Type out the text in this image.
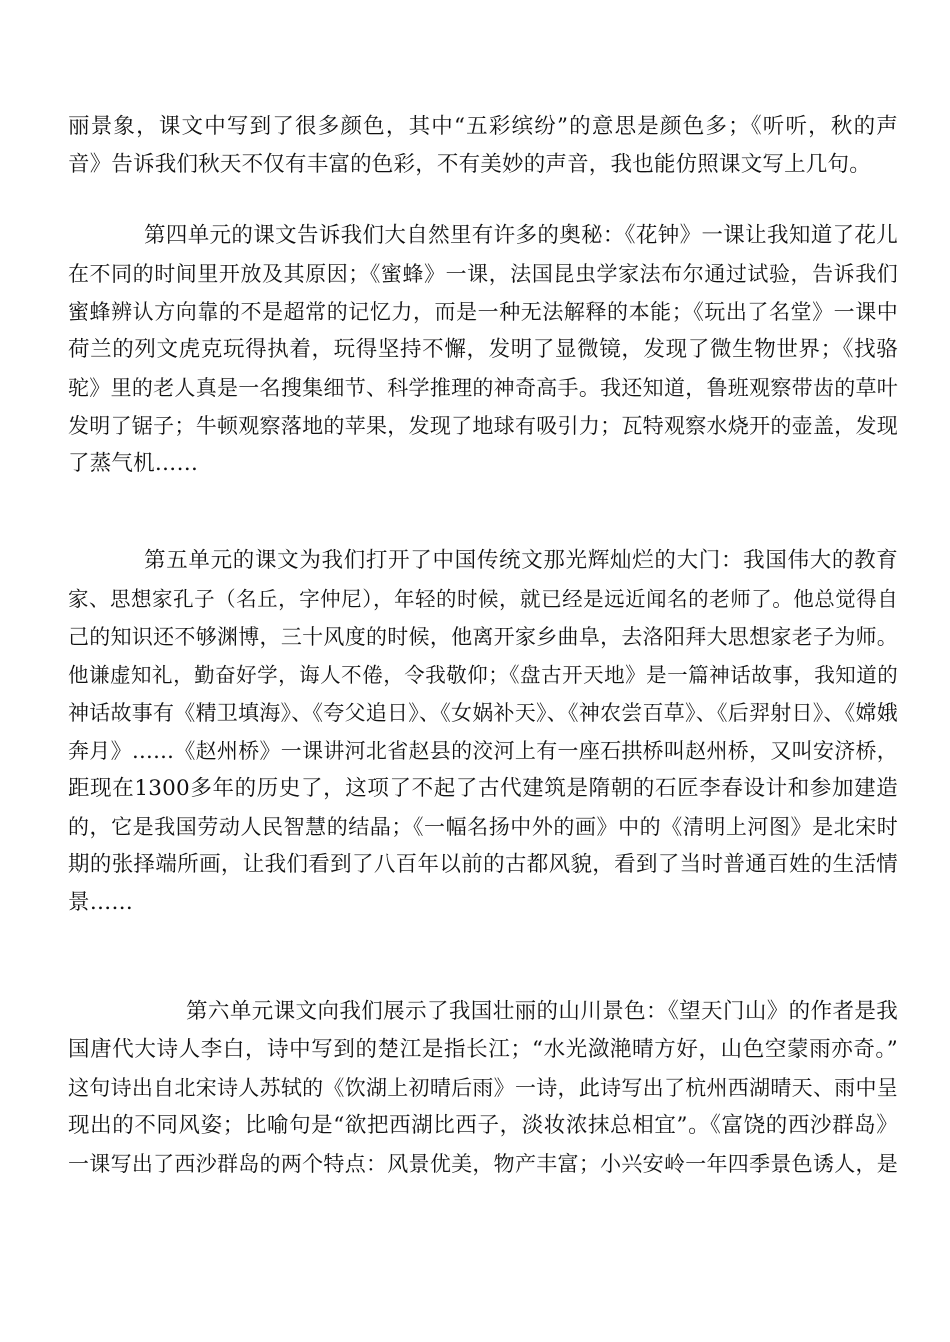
丽景象，课文中写到了很多颜色，其中“五彩缤纷”的意思是颜色多；《听听，秋的声
音》告诉我们秋天不仅有丰富的色彩，不有美妙的声音，我也能仿照课文写上几句。
第四单元的课文告诉我们大自然里有许多的奥秘：《花钟》一课让我知道了花儿
在不同的时间里开放及其原因；《蜜蜂》一课，法国昆虫学家法布尔通过试验，告诉我们
蜜蜂辨认方向靠的不是超常的记忆力，而是一种无法解释的本能；《玩出了名堂》一课中
荷兰的列文虎克玩得执着，玩得坚持不懈，发明了显微镜，发现了微生物世界；《找骆
驼》里的老人真是一名搜集细节、科学推理的神奇高手。我还知道，鲁班观察带齿的草叶
发明了锯子；牛顿观察落地的苹果，发现了地球有吸引力；瓦特观察水烧开的壶盖，发现
了蒸气机……
第五单元的课文为我们打开了中国传统文那光辉灿烂的大门：我国伟大的教育
家、思想家孔子（名丘，字仲尼），年轻的时候，就已经是远近闻名的老师了。他总觉得自
己的知识还不够渊博，三十风度的时候，他离开家乡曲阜，去洛阳拜大思想家老子为师。
他谦虚知礼，勤奋好学，诲人不倦，令我敬仰；《盘古开天地》是一篇神话故事，我知道的
神话故事有《精卫填海》、《夸父追日》、《女娲补天》、《神农尝百草》、《后羿射日》、《嫦娥
奔月》……《赵州桥》一课讲河北省赵县的洨河上有一座石拱桥叫赵州桥，又叫安济桥，
距现在1300多年的历史了，这项了不起了古代建筑是隋朝的石匠李春设计和参加建造
的，它是我国劳动人民智慧的结晶；《一幅名扬中外的画》中的《清明上河图》是北宋时
期的张择端所画，让我们看到了八百年以前的古都风貌，看到了当时普通百姓的生活情
景……
第六单元课文向我们展示了我国壮丽的山川景色：《望天门山》的作者是我
国唐代大诗人李白，诗中写到的楚江是指长江；“水光潋滟晴方好，山色空蒙雨亦奇。”
这句诗出自北宋诗人苏轼的《饮湖上初晴后雨》一诗，此诗写出了杭州西湖晴天、雨中呈
现出的不同风姿；比喻句是“欲把西湖比西子，淡妆浓抹总相宜”。《富饶的西沙群岛》
一课写出了西沙群岛的两个特点：风景优美，物产丰富；小兴安岭一年四季景色诱人，是
